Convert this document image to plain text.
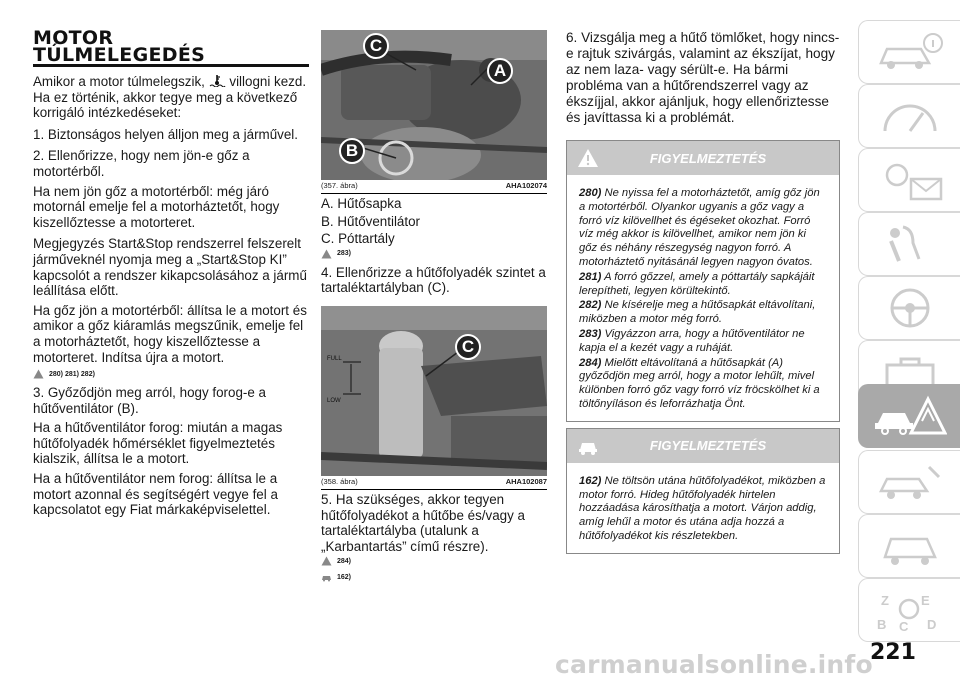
MOTOR
TÚLMELEGEDÉS

Amikor a motor túlmelegszik, villogni kezd. Ha ez történik, akkor tegye meg a következő korrigáló intézkedéseket:

1. Biztonságos helyen álljon meg a járművel.

2. Ellenőrizze, hogy nem jön-e gőz a motortérből.

Ha nem jön gőz a motortérből: még járó motornál emelje fel a motorháztetőt, hogy kiszellőztesse a motorteret.

Megjegyzés Start&Stop rendszerrel felszerelt járműveknél nyomja meg a „Start&Stop KI” kapcsolót a rendszer kikapcsolásához a jármű leállítása előtt.

Ha gőz jön a motortérből: állítsa le a motort és amikor a gőz kiáramlás megszűnik, emelje fel a motorháztetőt, hogy kiszellőztesse a motorteret. Indítsa újra a motort.

280) 281) 282)

3. Győződjön meg arról, hogy forog-e a hűtőventilátor (B).

Ha a hűtőventilátor forog: miután a magas hűtőfolyadék hőmérséklet figyelmeztetés kialszik, állítsa le a motort.

Ha a hűtőventilátor nem forog: állítsa le a motort azonnal és segítségért vegye fel a kapcsolatot egy Fiat márkaképviselettel.

C
A
B
(357. ábra)	AHA102074

A. Hűtősapka

B. Hűtőventilátor

C. Póttartály

283)

4. Ellenőrizze a hűtőfolyadék szintet a tartaléktartályban (C).

FULL
LOW
C
(358. ábra)	AHA102087

5. Ha szükséges, akkor tegyen hűtőfolyadékot a hűtőbe és/vagy a tartaléktartályba (utalunk a „Karbantartás” című részre).

284)
162)

6. Vizsgálja meg a hűtő tömlőket, hogy nincs-e rajtuk szivárgás, valamint az ékszíjat, hogy az nem laza- vagy sérült-e. Ha bármi probléma van a hűtőrendszerrel vagy az ékszíjjal, akkor ajánljuk, hogy ellenőriztesse és javíttassa ki a problémát.

FIGYELMEZTETÉS
280) Ne nyissa fel a motorháztetőt, amíg gőz jön a motortérből. Olyankor ugyanis a gőz vagy a forró víz kilövellhet és égéseket okozhat. Forró víz még akkor is kilövellhet, amikor nem jön ki gőz és néhány részegység nagyon forró. A motorháztető nyitásánál legyen nagyon óvatos.
281) A forró gőzzel, amely a póttartály sapkájáit lerepítheti, legyen körültekintő.
282) Ne kísérelje meg a hűtősapkát eltávolítani, miközben a motor még forró.
283) Vigyázzon arra, hogy a hűtőventilátor ne kapja el a kezét vagy a ruháját.
284) Mielőtt eltávolítaná a hűtősapkát (A) győződjön meg arról, hogy a motor lehűlt, mivel különben forró gőz vagy forró víz fröcskölhet ki a töltőnyíláson és leforrázhatja Önt.
FIGYELMEZTETÉS
162) Ne töltsön utána hűtőfolyadékot, miközben a motor forró. Hideg hűtőfolyadék hirtelen hozzáadása károsíthatja a motort. Várjon addig, amíg lehűl a motor és utána adja hozzá a hűtőfolyadékot kis részletekben.
Z E
B C D
221
carmanualsonline.info
